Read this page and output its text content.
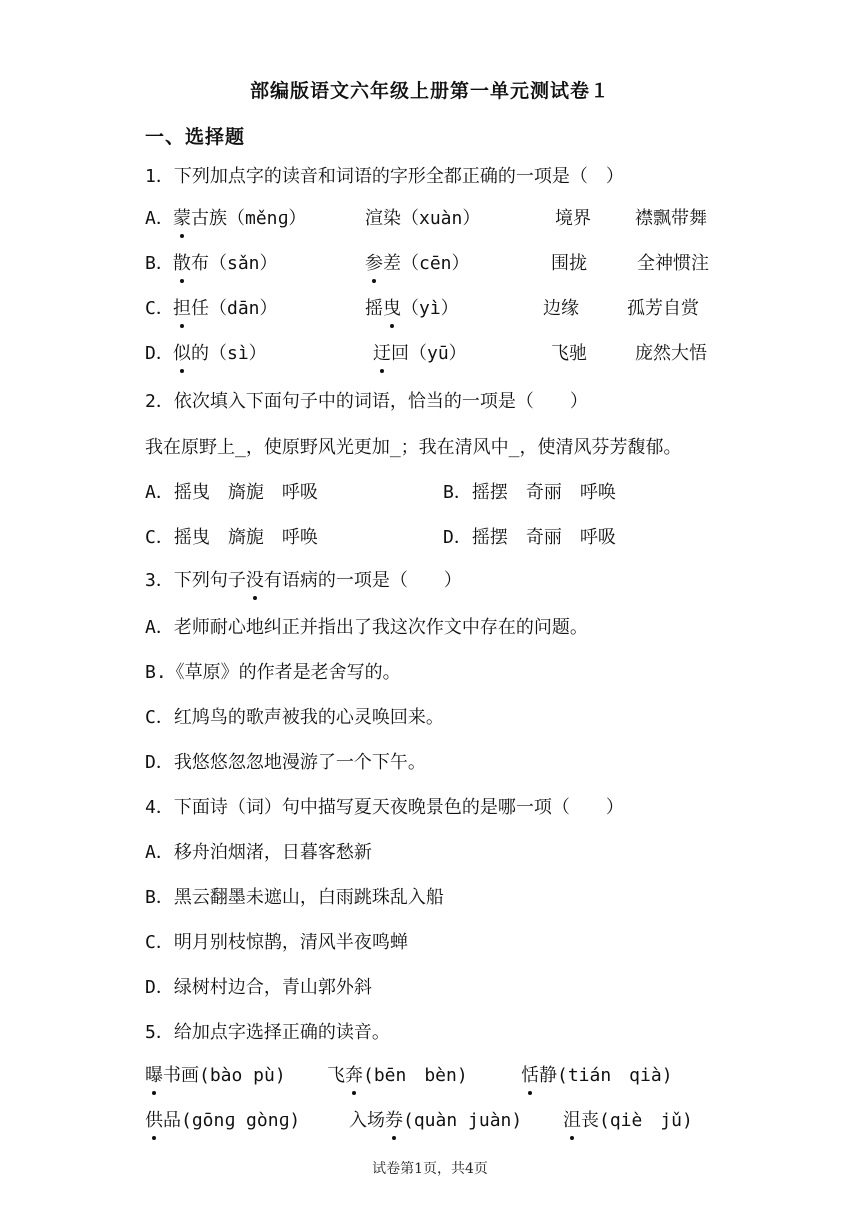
部编版语文六年级上册第一单元测试卷１
一、选择题
1．下列加点字的读音和词语的字形全都正确的一项是（　）
A． 蒙古族（měnɡ）	渲染（xuàn）	境界 襟飘带舞
B． 散布（sǎn）	参差（cēn）	围拢	全神惯注
C． 担任（dān）	摇曳（yì）	边缘	孤芳自赏
D． 似的（sì）	迂回（yū）	飞驰	庞然大悟
2．依次填入下面句子中的词语，恰当的一项是（　　）
我在原野上_，使原野风光更加_；我在清风中_，使清风芬芳馥郁。
A．摇曳　旖旎　呼吸	B．摇摆　奇丽　呼唤
C．摇曳　旖旎　呼唤	D．摇摆　奇丽　呼吸
3．下列句子没有语病的一项是（　　）
A．老师耐心地纠正并指出了我这次作文中存在的问题。
B.《草原》的作者是老舍写的。
C．红鸠鸟的歌声被我的心灵唤回来。
D．我悠悠忽忽地漫游了一个下午。
4．下面诗（词）句中描写夏天夜晚景色的是哪一项（　　）
A．移舟泊烟渚，日暮客愁新
B．黑云翻墨未遮山，白雨跳珠乱入船
C．明月别枝惊鹊，清风半夜鸣蝉
D．绿树村边合，青山郭外斜
5．给加点字选择正确的读音。
曝书画(bào pù) 飞奔(bēn　bèn)	恬静(tián　qià)
供品(gōnɡ gònɡ)	入场券(quàn juàn) 沮丧(qiè　jǔ)
试卷第1页，共4页
